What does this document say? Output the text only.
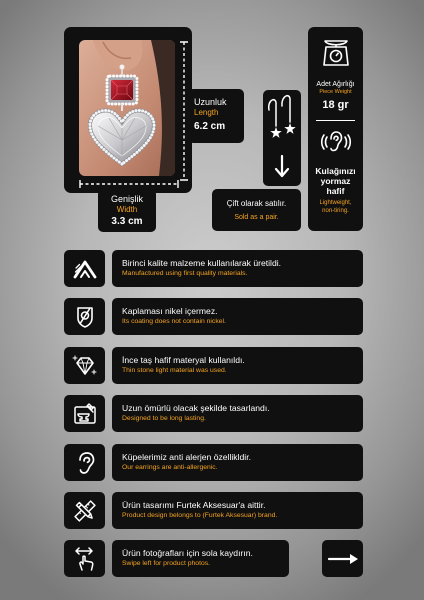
Uzunluk
Length
6.2 cm
Genişlik
Width
3.3 cm
Çift olarak satılır.
Sold as a pair.
Adet Ağırlığı
Piece Weight
18 gr
Kulağınızı
yormaz
hafif
Lightweight,
non-tiring.
Birinci kalite malzeme kullanılarak üretildi.
Manufactured using first quality materials.
Kaplaması nikel içermez.
Its coating does not contain nickel.
İnce taş hafif materyal kullanıldı.
Thin stone light material was used.
Uzun ömürlü olacak şekilde tasarlandı.
Designed to be long lasting.
Küpelerimiz anti alerjen özellikldir.
Our earrings are anti-allergenic.
Ürün tasarımı Furtek Aksesuar'a aittir.
Product design belongs to (Furtek Aksesuar) brand.
Ürün fotoğrafları için sola kaydırın.
Swipe left for product photos.
